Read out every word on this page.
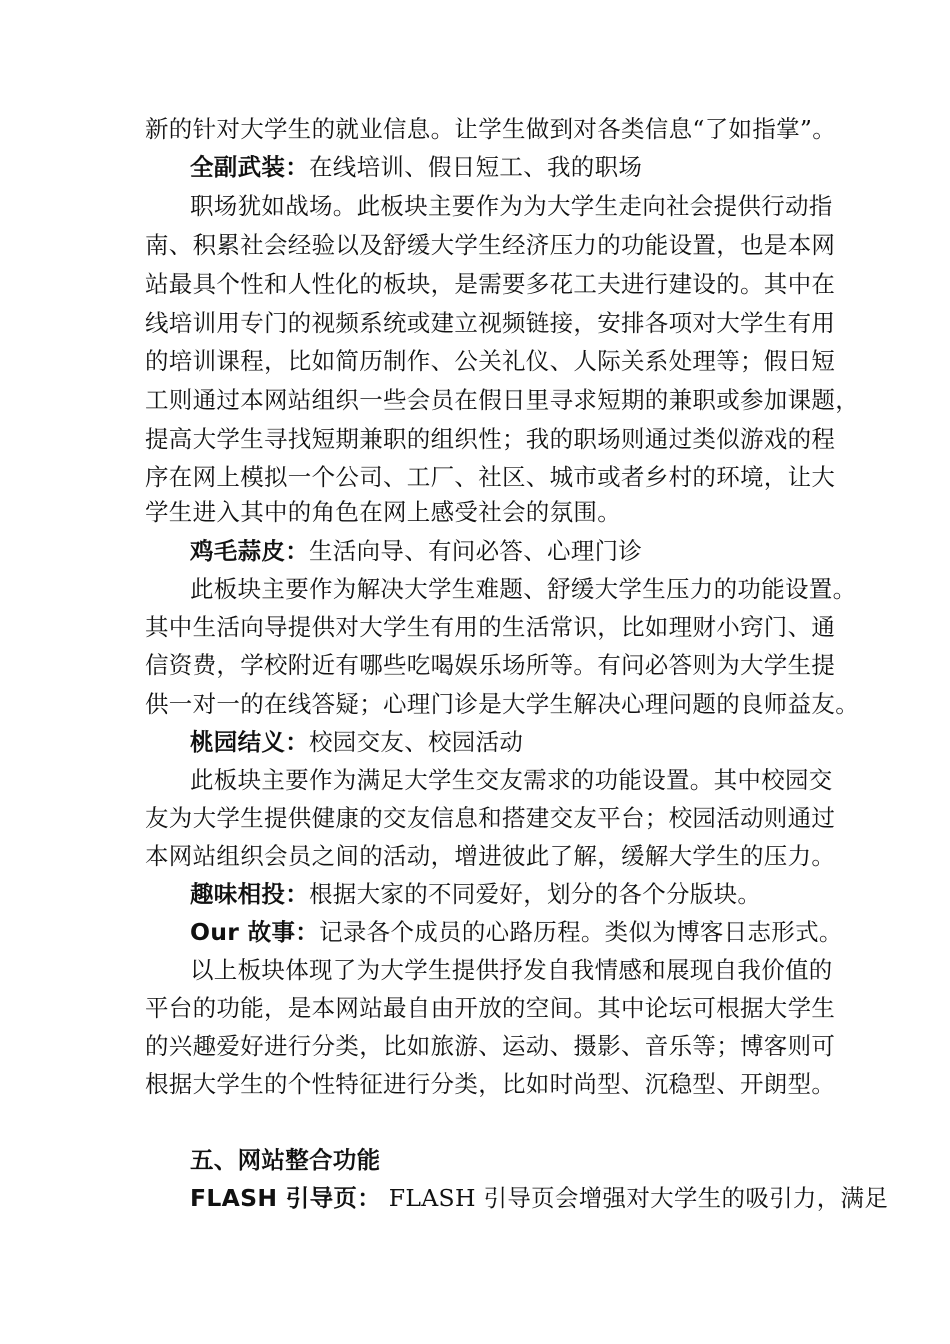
新的针对大学生的就业信息。让学生做到对各类信息“了如指掌”。
全副武装：在线培训、假日短工、我的职场
职场犹如战场。此板块主要作为为大学生走向社会提供行动指
南、积累社会经验以及舒缓大学生经济压力的功能设置，也是本网
站最具个性和人性化的板块，是需要多花工夫进行建设的。其中在
线培训用专门的视频系统或建立视频链接，安排各项对大学生有用
的培训课程，比如简历制作、公关礼仪、人际关系处理等；假日短
工则通过本网站组织一些会员在假日里寻求短期的兼职或参加课题，
提高大学生寻找短期兼职的组织性；我的职场则通过类似游戏的程
序在网上模拟一个公司、工厂、社区、城市或者乡村的环境，让大
学生进入其中的角色在网上感受社会的氛围。
鸡毛蒜皮：生活向导、有问必答、心理门诊
此板块主要作为解决大学生难题、舒缓大学生压力的功能设置。
其中生活向导提供对大学生有用的生活常识，比如理财小窍门、通
信资费，学校附近有哪些吃喝娱乐场所等。有问必答则为大学生提
供一对一的在线答疑；心理门诊是大学生解决心理问题的良师益友。
桃园结义：校园交友、校园活动
此板块主要作为满足大学生交友需求的功能设置。其中校园交
友为大学生提供健康的交友信息和搭建交友平台；校园活动则通过
本网站组织会员之间的活动，增进彼此了解，缓解大学生的压力。
趣味相投：根据大家的不同爱好，划分的各个分版块。
Our 故事：记录各个成员的心路历程。类似为博客日志形式。
以上板块体现了为大学生提供抒发自我情感和展现自我价值的
平台的功能，是本网站最自由开放的空间。其中论坛可根据大学生
的兴趣爱好进行分类，比如旅游、运动、摄影、音乐等；博客则可
根据大学生的个性特征进行分类，比如时尚型、沉稳型、开朗型。
五、网站整合功能
FLASH 引导页： FLASH 引导页会增强对大学生的吸引力，满足
